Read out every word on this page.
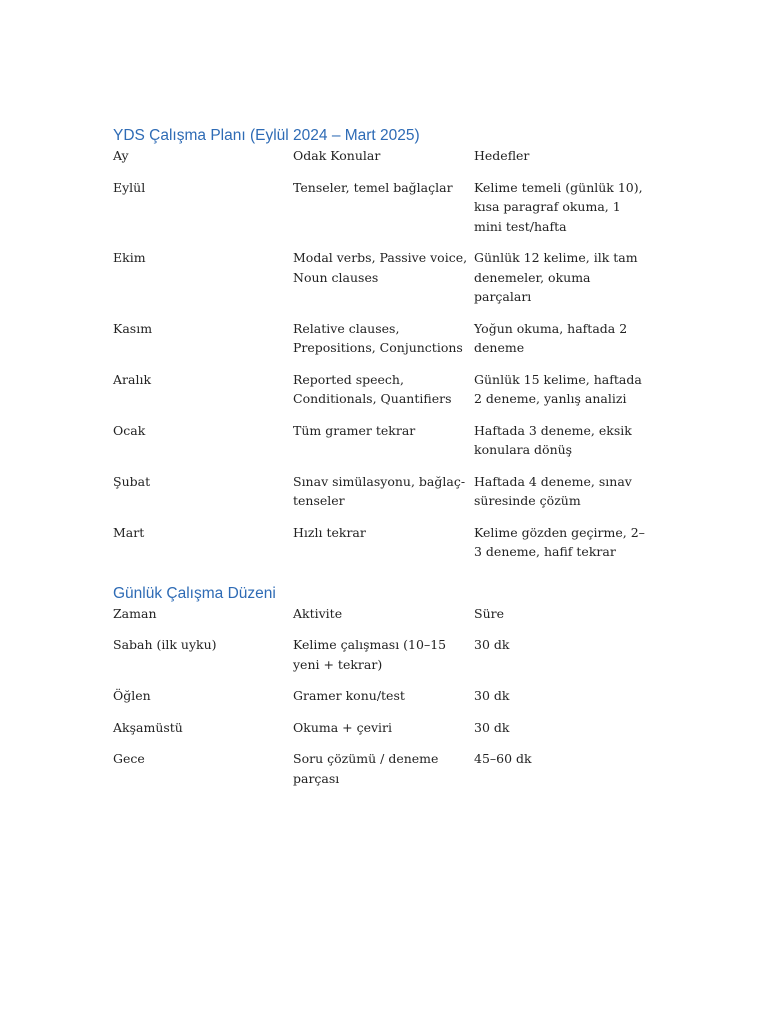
YDS Çalışma Planı (Eylül 2024 – Mart 2025)
Ay	Odak Konular	Hedefler
Eylül	Tenseler, temel bağlaçlar	Kelime temeli (günlük 10), kısa paragraf okuma, 1 mini test/hafta
Ekim	Modal verbs, Passive voice, Noun clauses	Günlük 12 kelime, ilk tam denemeler, okuma parçaları
Kasım	Relative clauses, Prepositions, Conjunctions	Yoğun okuma, haftada 2 deneme
Aralık	Reported speech, Conditionals, Quantifiers	Günlük 15 kelime, haftada 2 deneme, yanlış analizi
Ocak	Tüm gramer tekrar	Haftada 3 deneme, eksik konulara dönüş
Şubat	Sınav simülasyonu, bağlaç-tenseler	Haftada 4 deneme, sınav süresinde çözüm
Mart	Hızlı tekrar	Kelime gözden geçirme, 2–3 deneme, hafif tekrar
Günlük Çalışma Düzeni
Zaman	Aktivite	Süre
Sabah (ilk uyku)	Kelime çalışması (10–15 yeni + tekrar)	30 dk
Öğlen	Gramer konu/test	30 dk
Akşamüstü	Okuma + çeviri	30 dk
Gece	Soru çözümü / deneme parçası	45–60 dk
